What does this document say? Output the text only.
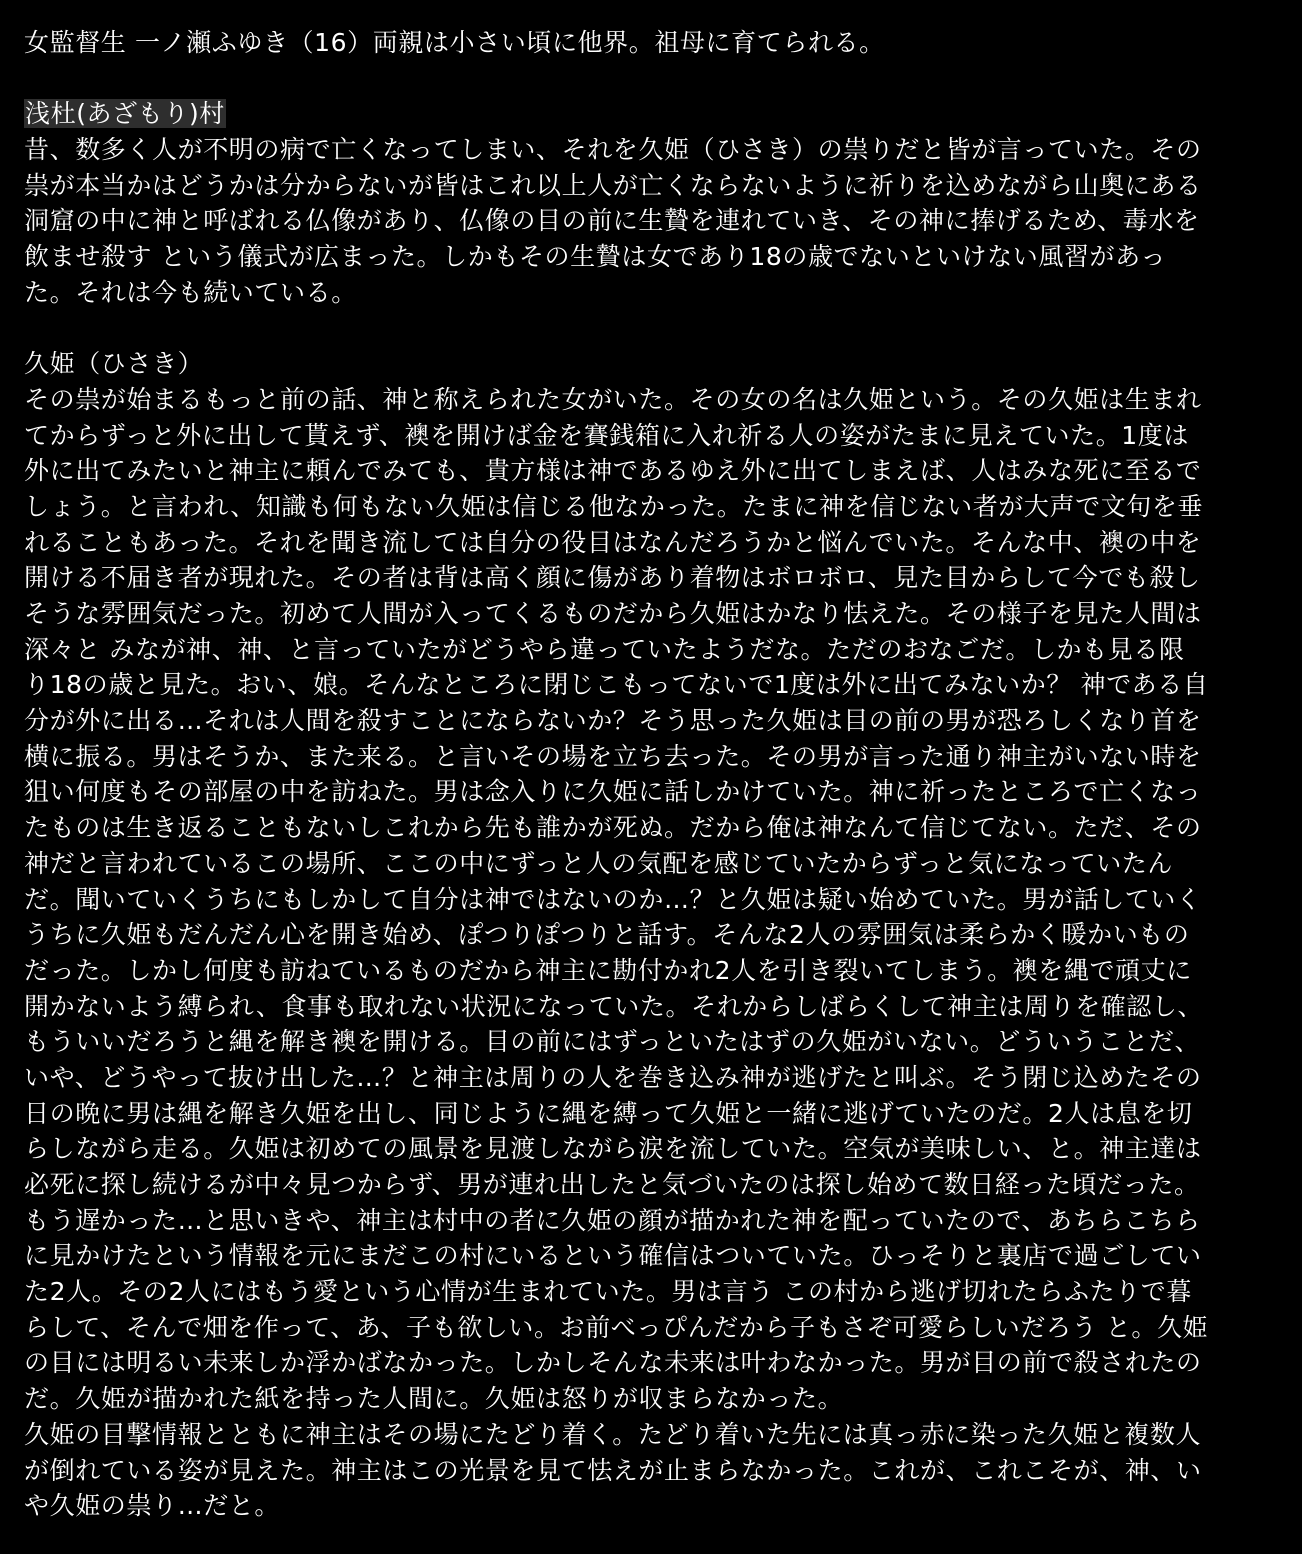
女監督生 一ノ瀬ふゆき（16）両親は小さい頃に他界。祖母に育てられる。
浅杜(あざもり)村
昔、数多く人が不明の病で亡くなってしまい、それを久姫（ひさき）の祟りだと皆が言っていた。その
祟が本当かはどうかは分からないが皆はこれ以上人が亡くならないように祈りを込めながら山奥にある
洞窟の中に神と呼ばれる仏像があり、仏像の目の前に生贄を連れていき、その神に捧げるため、毒水を
飲ませ殺す という儀式が広まった。しかもその生贄は女であり18の歳でないといけない風習があっ
た。それは今も続いている。
久姫（ひさき）
その祟が始まるもっと前の話、神と称えられた女がいた。その女の名は久姫という。その久姫は生まれ
てからずっと外に出して貰えず、襖を開けば金を賽銭箱に入れ祈る人の姿がたまに見えていた。1度は
外に出てみたいと神主に頼んでみても、貴方様は神であるゆえ外に出てしまえば、人はみな死に至るで
しょう。と言われ、知識も何もない久姫は信じる他なかった。たまに神を信じない者が大声で文句を垂
れることもあった。それを聞き流しては自分の役目はなんだろうかと悩んでいた。そんな中、襖の中を
開ける不届き者が現れた。その者は背は高く顔に傷があり着物はボロボロ、見た目からして今でも殺し
そうな雰囲気だった。初めて人間が入ってくるものだから久姫はかなり怯えた。その様子を見た人間は
深々と みなが神、神、と言っていたがどうやら違っていたようだな。ただのおなごだ。しかも見る限
り18の歳と見た。おい、娘。そんなところに閉じこもってないで1度は外に出てみないか？ 神である自
分が外に出る…それは人間を殺すことにならないか？そう思った久姫は目の前の男が恐ろしくなり首を
横に振る。男はそうか、また来る。と言いその場を立ち去った。その男が言った通り神主がいない時を
狙い何度もその部屋の中を訪ねた。男は念入りに久姫に話しかけていた。神に祈ったところで亡くなっ
たものは生き返ることもないしこれから先も誰かが死ぬ。だから俺は神なんて信じてない。ただ、その
神だと言われているこの場所、ここの中にずっと人の気配を感じていたからずっと気になっていたん
だ。聞いていくうちにもしかして自分は神ではないのか…？と久姫は疑い始めていた。男が話していく
うちに久姫もだんだん心を開き始め、ぽつりぽつりと話す。そんな2人の雰囲気は柔らかく暖かいもの
だった。しかし何度も訪ねているものだから神主に勘付かれ2人を引き裂いてしまう。襖を縄で頑丈に
開かないよう縛られ、食事も取れない状況になっていた。それからしばらくして神主は周りを確認し、
もういいだろうと縄を解き襖を開ける。目の前にはずっといたはずの久姫がいない。どういうことだ、
いや、どうやって抜け出した…？と神主は周りの人を巻き込み神が逃げたと叫ぶ。そう閉じ込めたその
日の晩に男は縄を解き久姫を出し、同じように縄を縛って久姫と一緒に逃げていたのだ。2人は息を切
らしながら走る。久姫は初めての風景を見渡しながら涙を流していた。空気が美味しい、と。神主達は
必死に探し続けるが中々見つからず、男が連れ出したと気づいたのは探し始めて数日経った頃だった。
もう遅かった…と思いきや、神主は村中の者に久姫の顔が描かれた神を配っていたので、あちらこちら
に見かけたという情報を元にまだこの村にいるという確信はついていた。ひっそりと裏店で過ごしてい
た2人。その2人にはもう愛という心情が生まれていた。男は言う この村から逃げ切れたらふたりで暮
らして、そんで畑を作って、あ、子も欲しい。お前べっぴんだから子もさぞ可愛らしいだろう と。久姫
の目には明るい未来しか浮かばなかった。しかしそんな未来は叶わなかった。男が目の前で殺されたの
だ。久姫が描かれた紙を持った人間に。久姫は怒りが収まらなかった。
久姫の目撃情報とともに神主はその場にたどり着く。たどり着いた先には真っ赤に染った久姫と複数人
が倒れている姿が見えた。神主はこの光景を見て怯えが止まらなかった。これが、これこそが、神、い
や久姫の祟り…だと。
